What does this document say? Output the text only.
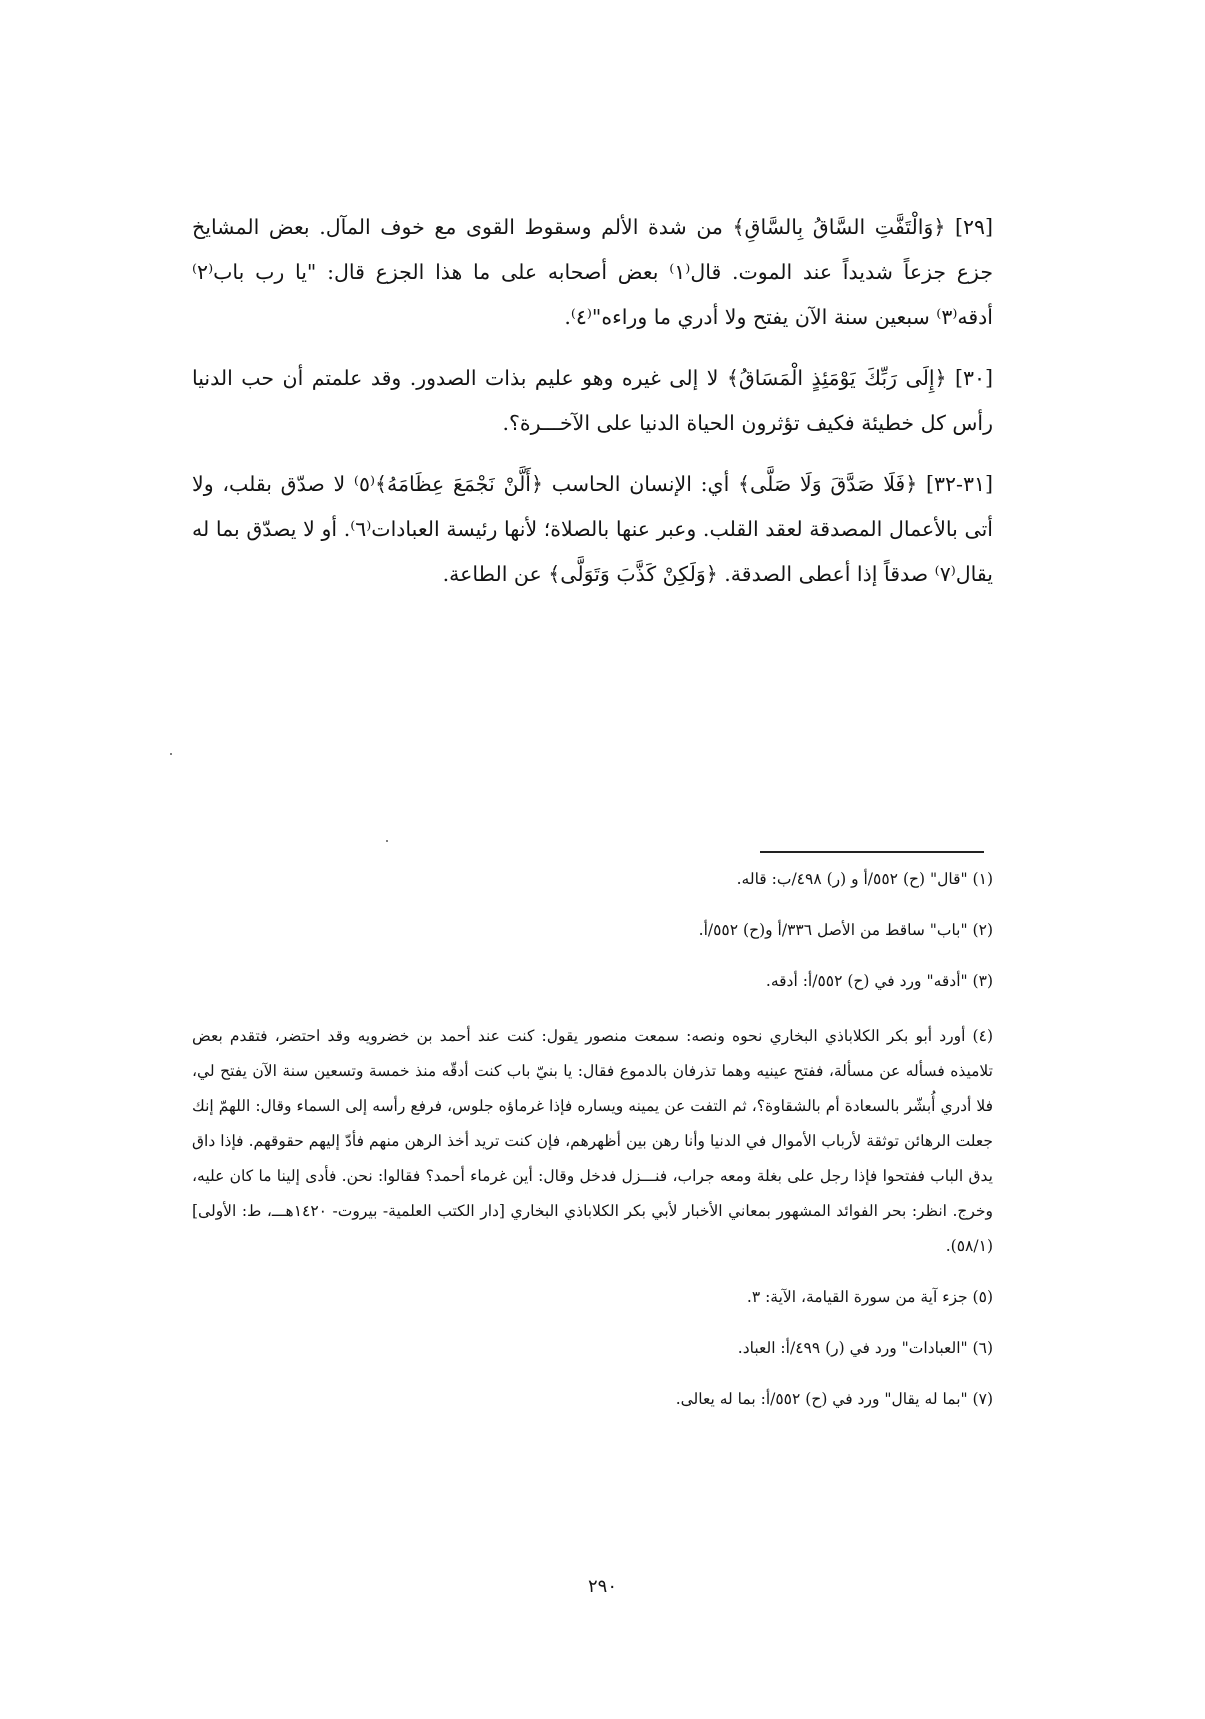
[٢٩] ﴿وَالْتَفَّتِ السَّاقُ بِالسَّاقِ﴾ من شدة الألم وسقوط القوى مع خوف المآل. بعض المشايخ جزع جزعاً شديداً عند الموت. قال⁽١⁾ بعض أصحابه على ما هذا الجزع قال: "يا رب باب⁽٢⁾ أدقه⁽٣⁾ سبعين سنة الآن يفتح ولا أدري ما وراءه"⁽٤⁾.

[٣٠] ﴿إِلَى رَبِّكَ يَوْمَئِذٍ الْمَسَاقُ﴾ لا إلى غيره وهو عليم بذات الصدور. وقد علمتم أن حب الدنيا رأس كل خطيئة فكيف تؤثرون الحياة الدنيا على الآخـــرة؟.

[٣١-٣٢] ﴿فَلَا صَدَّقَ وَلَا صَلَّى﴾ أي: الإنسان الحاسب ﴿أَلَّنْ نَجْمَعَ عِظَامَهُ﴾⁽٥⁾ لا صدّق بقلب، ولا أتى بالأعمال المصدقة لعقد القلب. وعبر عنها بالصلاة؛ لأنها رئيسة العبادات⁽٦⁾. أو لا يصدّق بما له يقال⁽٧⁾ صدقاً إذا أعطى الصدقة. ﴿وَلَكِنْ كَذَّبَ وَتَوَلَّى﴾ عن الطاعة.

(١) "قال" (ح) ٥٥٢/أ و (ر) ٤٩٨/ب: قاله.

(٢) "باب" ساقط من الأصل ٣٣٦/أ و(ح) ٥٥٢/أ.

(٣) "أدقه" ورد في (ح) ٥٥٢/أ: أدقه.

(٤) أورد أبو بكر الكلاباذي البخاري نحوه ونصه: سمعت منصور يقول: كنت عند أحمد بن خضرويه وقد احتضر، فتقدم بعض تلاميذه فسأله عن مسألة، ففتح عينيه وهما تذرفان بالدموع فقال: يا بنيّ باب كنت أدقّه منذ خمسة وتسعين سنة الآن يفتح لي، فلا أدري أُبشّر بالسعادة أم بالشقاوة؟، ثم التفت عن يمينه ويساره فإذا غرماؤه جلوس، فرفع رأسه إلى السماء وقال: اللهمّ إنك جعلت الرهائن توثقة لأرباب الأموال في الدنيا وأنا رهن بين أظهرهم، فإن كنت تريد أخذ الرهن منهم فأدّ إليهم حقوقهم. فإذا داق يدق الباب ففتحوا فإذا رجل على بغلة ومعه جراب، فنـــزل فدخل وقال: أين غرماء أحمد؟ فقالوا: نحن. فأدى إلينا ما كان عليه، وخرج. انظر: بحر الفوائد المشهور بمعاني الأخبار لأبي بكر الكلاباذي البخاري [دار الكتب العلمية- بيروت- ١٤٢٠هـــ، ط: الأولى] (٥٨/١).

(٥) جزء آية من سورة القيامة، الآية: ٣.

(٦) "العبادات" ورد في (ر) ٤٩٩/أ: العباد.

(٧) "بما له يقال" ورد في (ح) ٥٥٢/أ: بما له يعالى.

٢٩٠
